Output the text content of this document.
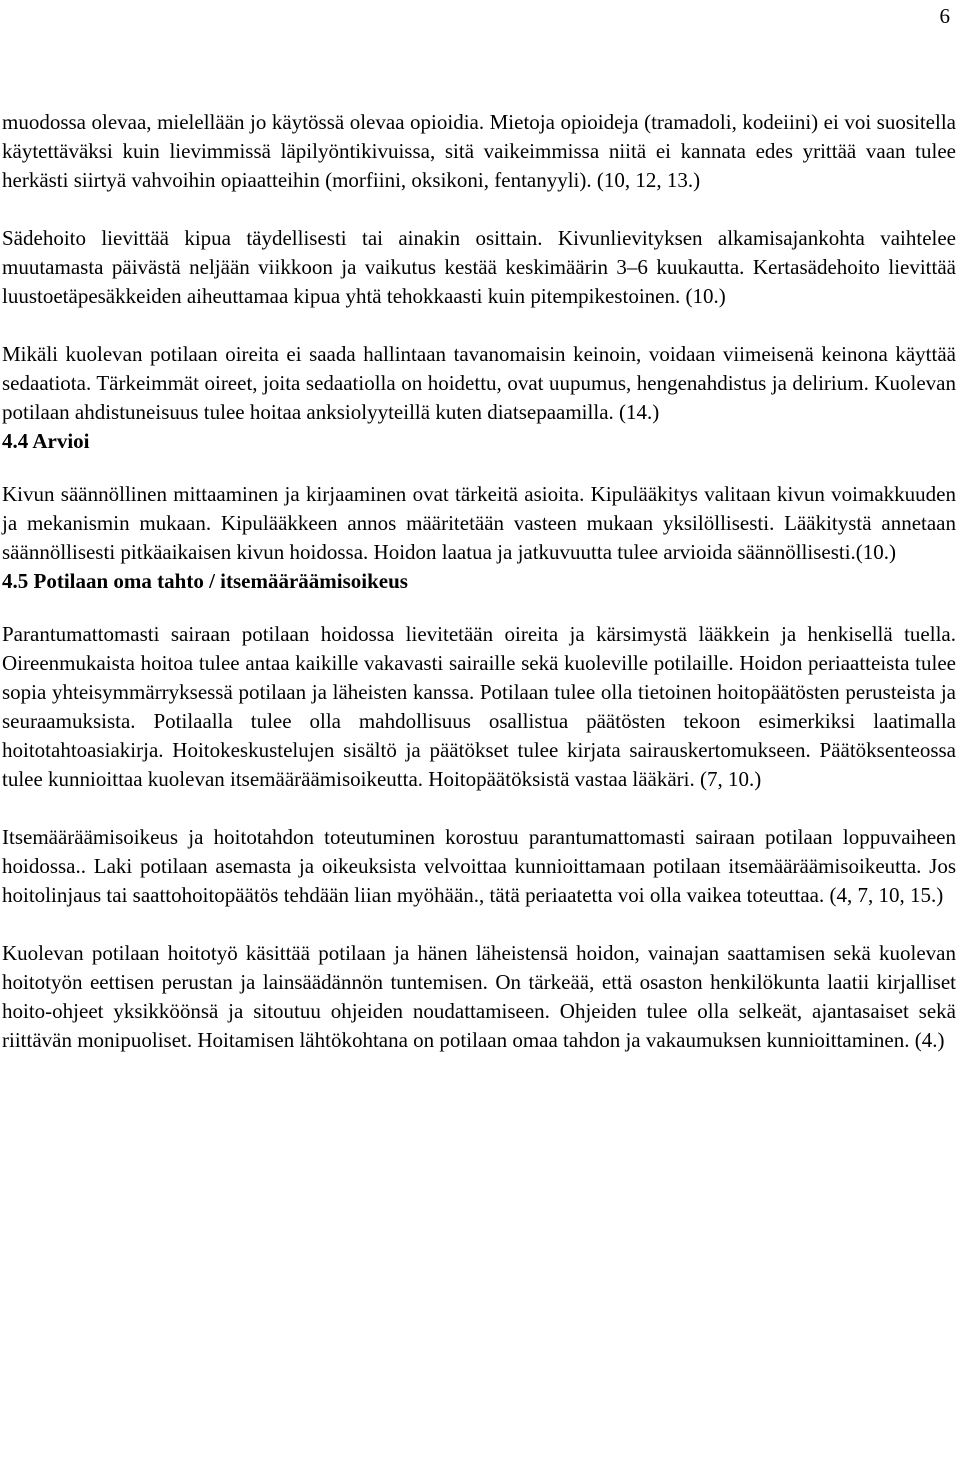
6

muodossa olevaa, mielellään jo käytössä olevaa opioidia. Mietoja opioideja (tramadoli, kodeiini) ei voi suositella käytettäväksi kuin lievimmissä läpilyöntikivuissa, sitä vaikeimmissa niitä ei kannata edes yrittää vaan tulee herkästi siirtyä vahvoihin opiaatteihin (morfiini, oksikoni, fentanyyli). (10, 12, 13.)

Sädehoito lievittää kipua täydellisesti tai ainakin osittain. Kivunlievityksen alkamisajankohta vaihtelee muutamasta päivästä neljään viikkoon ja vaikutus kestää keskimäärin 3–6 kuukautta. Kertasädehoito lievittää luustoetäpesäkkeiden aiheuttamaa kipua yhtä tehokkaasti kuin pitempikestoinen. (10.)

Mikäli kuolevan potilaan oireita ei saada hallintaan tavanomaisin keinoin, voidaan viimeisenä keinona käyttää sedaatiota. Tärkeimmät oireet, joita sedaatiolla on hoidettu, ovat uupumus, hengenahdistus ja delirium. Kuolevan potilaan ahdistuneisuus tulee hoitaa anksiolyyteillä kuten diatsepaamilla. (14.)

4.4 Arvioi

Kivun säännöllinen mittaaminen ja kirjaaminen ovat tärkeitä asioita. Kipulääkitys valitaan kivun voimakkuuden ja mekanismin mukaan. Kipulääkkeen annos määritetään vasteen mukaan yksilöllisesti. Lääkitystä annetaan säännöllisesti pitkäaikaisen kivun hoidossa. Hoidon laatua ja jatkuvuutta tulee arvioida säännöllisesti.(10.)

4.5 Potilaan oma tahto / itsemääräämisoikeus

Parantumattomasti sairaan potilaan hoidossa lievitetään oireita ja kärsimystä lääkkein ja henkisellä tuella. Oireenmukaista hoitoa tulee antaa kaikille vakavasti sairaille sekä kuoleville potilaille. Hoidon periaatteista tulee sopia yhteisymmärryksessä potilaan ja läheisten kanssa. Potilaan tulee olla tietoinen hoitopäätösten perusteista ja seuraamuksista. Potilaalla tulee olla mahdollisuus osallistua päätösten tekoon esimerkiksi laatimalla hoitotahtoasiakirja. Hoitokeskustelujen sisältö ja päätökset tulee kirjata sairauskertomukseen. Päätöksenteossa tulee kunnioittaa kuolevan itsemääräämisoikeutta. Hoitopäätöksistä vastaa lääkäri. (7, 10.)

Itsemääräämisoikeus ja hoitotahdon toteutuminen korostuu parantumattomasti sairaan potilaan loppuvaiheen hoidossa.. Laki potilaan asemasta ja oikeuksista velvoittaa kunnioittamaan potilaan itsemääräämisoikeutta. Jos hoitolinjaus tai saattohoitopäätös tehdään liian myöhään., tätä periaatetta voi olla vaikea toteuttaa. (4, 7, 10, 15.)

Kuolevan potilaan hoitotyö käsittää potilaan ja hänen läheistensä hoidon, vainajan saattamisen sekä kuolevan hoitotyön eettisen perustan ja lainsäädännön tuntemisen. On tärkeää, että osaston henkilökunta laatii kirjalliset hoito-ohjeet yksikköönsä ja sitoutuu ohjeiden noudattamiseen. Ohjeiden tulee olla selkeät, ajantasaiset sekä riittävän monipuoliset. Hoitamisen lähtökohtana on potilaan omaa tahdon ja vakaumuksen kunnioittaminen. (4.)
